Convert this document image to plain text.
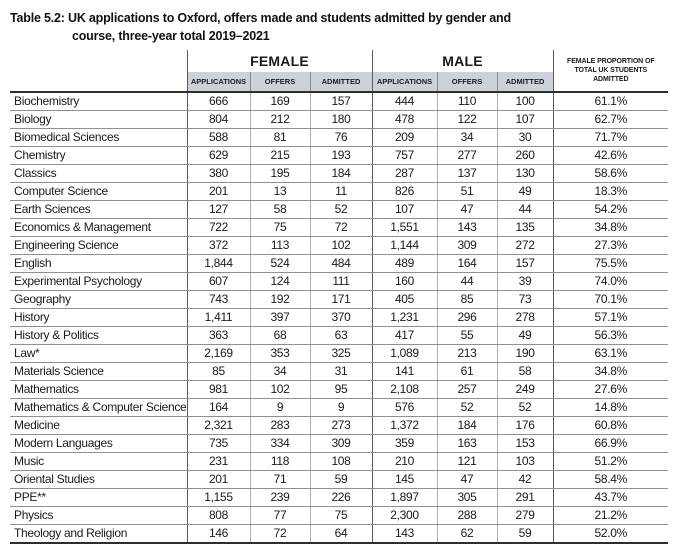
Table 5.2: UK applications to Oxford, offers made and students admitted by gender and
course, three-year total 2019–2021
	FEMALE			MALE			FEMALE PROPORTION OF TOTAL UK STUDENTS ADMITTED
	APPLICATIONS	OFFERS	ADMITTED	APPLICATIONS	OFFERS	ADMITTED	
Biochemistry	666	169	157	444	110	100	61.1%
Biology	804	212	180	478	122	107	62.7%
Biomedical Sciences	588	81	76	209	34	30	71.7%
Chemistry	629	215	193	757	277	260	42.6%
Classics	380	195	184	287	137	130	58.6%
Computer Science	201	13	11	826	51	49	18.3%
Earth Sciences	127	58	52	107	47	44	54.2%
Economics & Management	722	75	72	1,551	143	135	34.8%
Engineering Science	372	113	102	1,144	309	272	27.3%
English	1,844	524	484	489	164	157	75.5%
Experimental Psychology	607	124	111	160	44	39	74.0%
Geography	743	192	171	405	85	73	70.1%
History	1,411	397	370	1,231	296	278	57.1%
History & Politics	363	68	63	417	55	49	56.3%
Law*	2,169	353	325	1,089	213	190	63.1%
Materials Science	85	34	31	141	61	58	34.8%
Mathematics	981	102	95	2,108	257	249	27.6%
Mathematics & Computer Science	164	9	9	576	52	52	14.8%
Medicine	2,321	283	273	1,372	184	176	60.8%
Modern Languages	735	334	309	359	163	153	66.9%
Music	231	118	108	210	121	103	51.2%
Oriental Studies	201	71	59	145	47	42	58.4%
PPE**	1,155	239	226	1,897	305	291	43.7%
Physics	808	77	75	2,300	288	279	21.2%
Theology and Religion	146	72	64	143	62	59	52.0%
